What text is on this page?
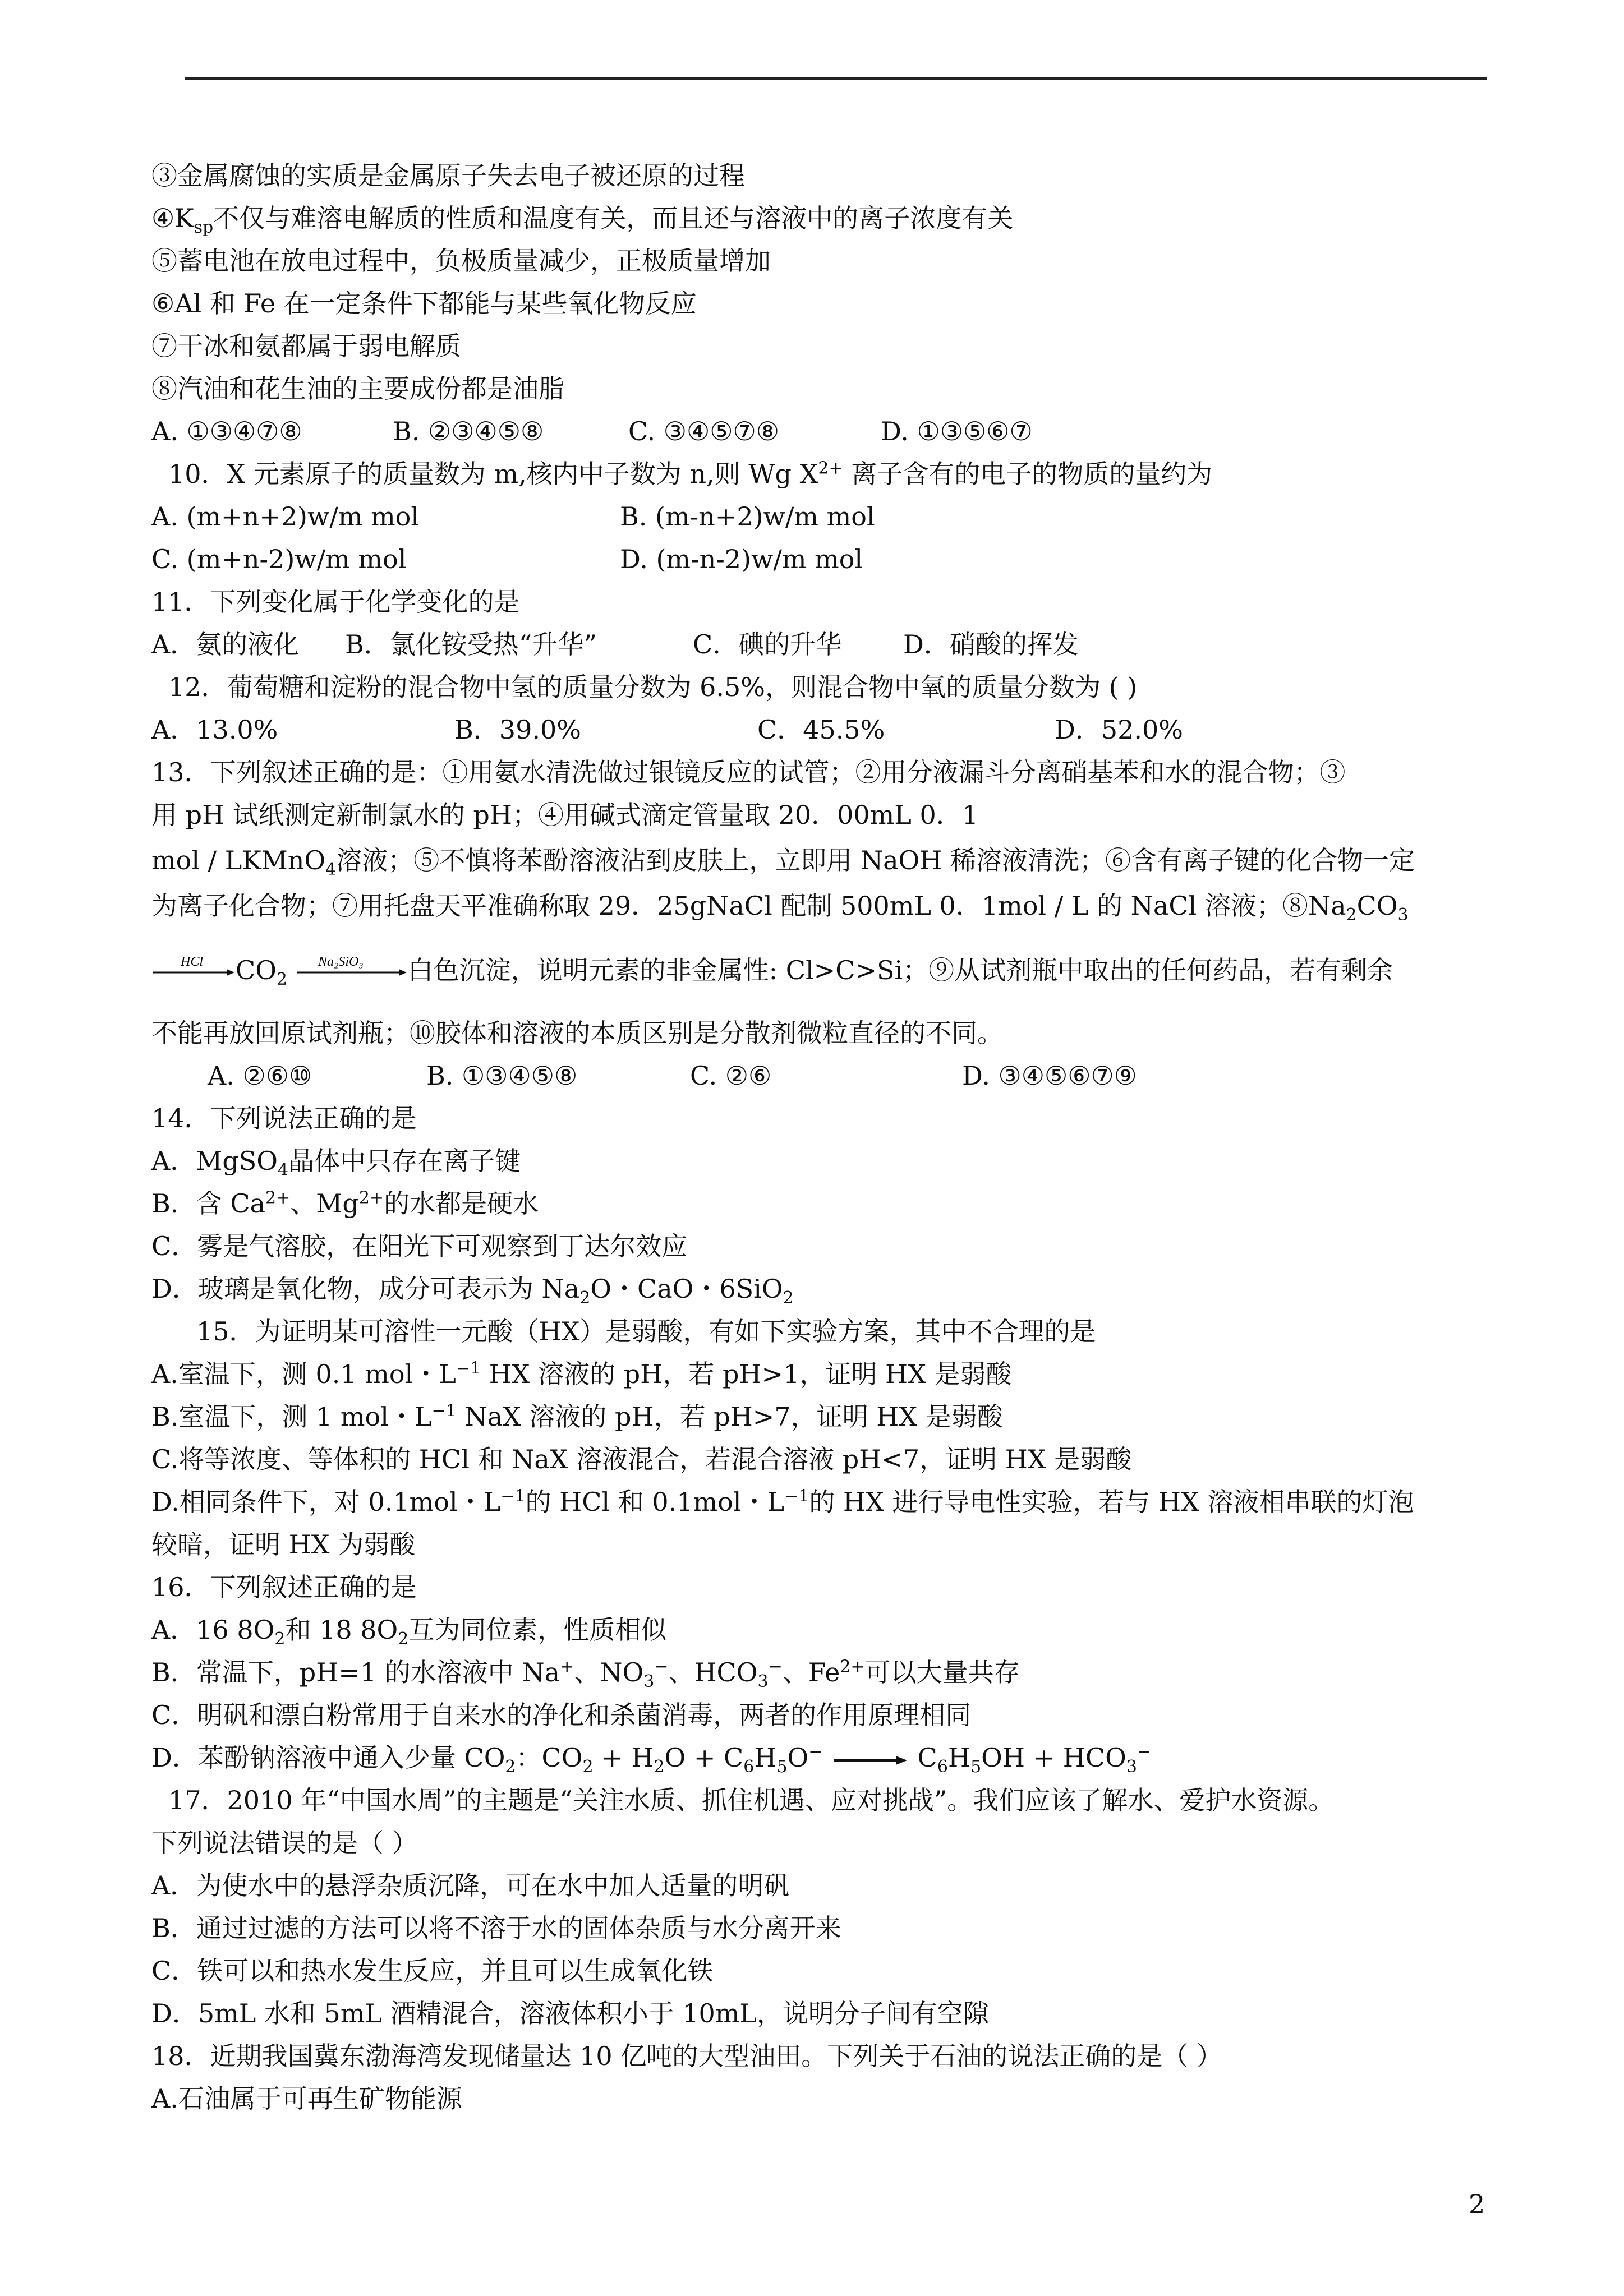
③金属腐蚀的实质是金属原子失去电子被还原的过程
$④K_{sp}$不仅与难溶电解质的性质和温度有关，而且还与溶液中的离子浓度有关
⑤蓄电池在放电过程中，负极质量减少，正极质量增加
⑥Al 和 Fe 在一定条件下都能与某些氧化物反应
⑦干冰和氨都属于弱电解质
⑧汽油和花生油的主要成份都是油脂
A. ①③④⑦⑧	B. ②③④⑤⑧	C. ③④⑤⑦⑧	D. ①③⑤⑥⑦
10．X 元素原子的质量数为 m,核内中子数为 n,则 Wg $X^{2+}$ 离子含有的电子的物质的量约为
A. (m+n+2)w/m mol	B. (m-n+2)w/m mol
C. (m+n-2)w/m mol	D. (m-n-2)w/m mol
11．下列变化属于化学变化的是
A．氨的液化 B．氯化铵受热“升华”	C．碘的升华 D．硝酸的挥发
12．葡萄糖和淀粉的混合物中氢的质量分数为 6.5%，则混合物中氧的质量分数为 ( )
A．13.0%	B．39.0%	C．45.5%	D．52.0%
13．下列叙述正确的是：①用氨水清洗做过银镜反应的试管；②用分液漏斗分离硝基苯和水的混合物；③
用 pH 试纸测定新制氯水的 pH；④用碱式滴定管量取 20．00mL 0．1
mol / LKMnO$_4$溶液；⑤不慎将苯酚溶液沾到皮肤上，立即用 NaOH 稀溶液清洗；⑥含有离子键的化合物一定
为离子化合物；⑦用托盘天平准确称取 29．25gNaCl 配制 500mL 0．1mol / L 的 NaCl 溶液；$⑧Na_2CO_3$
HCl $CO_2$
Na₂SiO₃ 白色沉淀，说明元素的非金属性: Cl>C>Si；⑨从试剂瓶中取出的任何药品，若有剩余
不能再放回原试剂瓶；⑩胶体和溶液的本质区别是分散剂微粒直径的不同。
A. ②⑥⑩	B. ①③④⑤⑧	C. ②⑥	D. ③④⑤⑥⑦⑨
14．下列说法正确的是
A．MgSO$_4$晶体中只存在离子键
B．含 $Ca^{2+}$、$Mg^{2+}$的水都是硬水
C．雾是气溶胶，在阳光下可观察到丁达尔效应
D．玻璃是氧化物，成分可表示为 $Na_2O$・CaO・6SiO$_2$
15．为证明某可溶性一元酸（HX）是弱酸，有如下实验方案，其中不合理的是
A.室温下，测 0.1 mol・$L^{-1}$ HX 溶液的 pH，若 pH>1，证明 HX 是弱酸
B.室温下，测 1 mol・$L^{-1}$ NaX 溶液的 pH，若 pH>7，证明 HX 是弱酸
C.将等浓度、等体积的 HCl 和 NaX 溶液混合，若混合溶液 pH<7，证明 HX 是弱酸
D.相同条件下，对 0.1mol・$L^{-1}$的 HCl 和 0.1mol・$L^{-1}$的 HX 进行导电性实验，若与 HX 溶液相串联的灯泡
较暗，证明 HX 为弱酸
16．下列叙述正确的是
A．16 $8O_2$和 18 $8O_2$互为同位素，性质相似
B．常温下，pH=1 的水溶液中 Na+、$NO_3^-$、$HCO_3^-$、$Fe^{2+}$可以大量共存
C．明矾和漂白粉常用于自来水的净化和杀菌消毒，两者的作用原理相同
D．苯酚钠溶液中通入少量 $CO_2$：$CO_2 + H_2O + C_6H_5O^- \to C_6H_5OH + HCO_3^-$
17．2010 年“中国水周”的主题是“关注水质、抓住机遇、应对挑战”。我们应该了解水、爱护水资源。
下列说法错误的是（ ）
A．为使水中的悬浮杂质沉降，可在水中加人适量的明矾
B．通过过滤的方法可以将不溶于水的固体杂质与水分离开来
C．铁可以和热水发生反应，并且可以生成氧化铁
D．5mL 水和 5mL 酒精混合，溶液体积小于 10mL，说明分子间有空隙
18．近期我国冀东渤海湾发现储量达 10 亿吨的大型油田。下列关于石油的说法正确的是（ ）
A.石油属于可再生矿物能源
2
